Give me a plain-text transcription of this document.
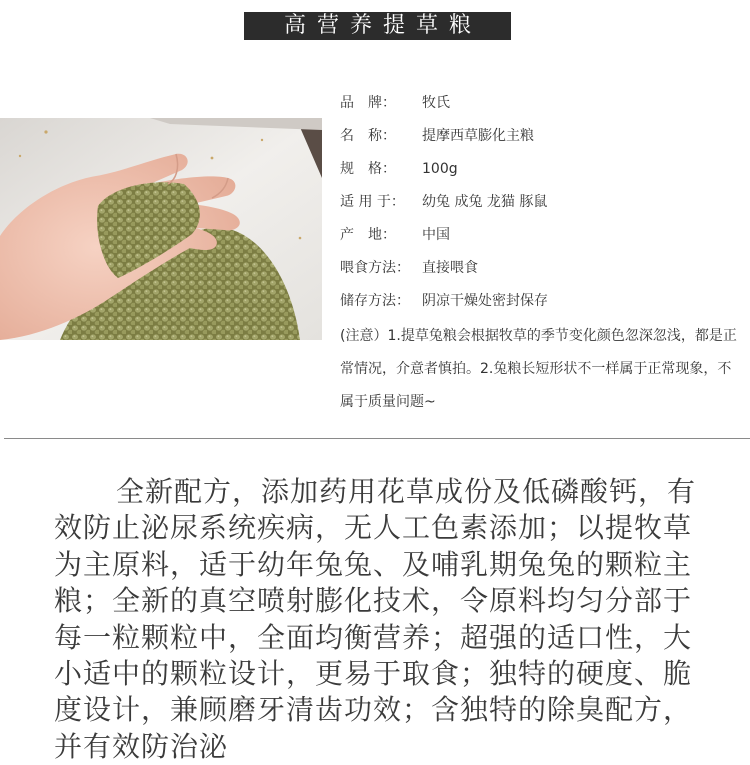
高营养提草粮
品　牌： 牧氏
名　称： 提摩西草膨化主粮
规　格： 100g
适 用 于： 幼兔 成兔 龙猫 豚鼠
产　地： 中国
喂食方法： 直接喂食
储存方法： 阴凉干燥处密封保存
(注意）1.提草兔粮会根据牧草的季节变化颜色忽深忽浅，都是正常情况，介意者慎拍。2.兔粮长短形状不一样属于正常现象，不属于质量问题~

全新配方，添加药用花草成份及低磷酸钙，有效防止泌尿系统疾病，无人工色素添加；以提牧草为主原料，适于幼年兔兔、及哺乳期兔兔的颗粒主粮；全新的真空喷射膨化技术，令原料均匀分部于每一粒颗粒中，全面均衡营养；超强的适口性，大小适中的颗粒设计，更易于取食；独特的硬度、脆度设计，兼顾磨牙清齿功效；含独特的除臭配方，并有效防治泌
